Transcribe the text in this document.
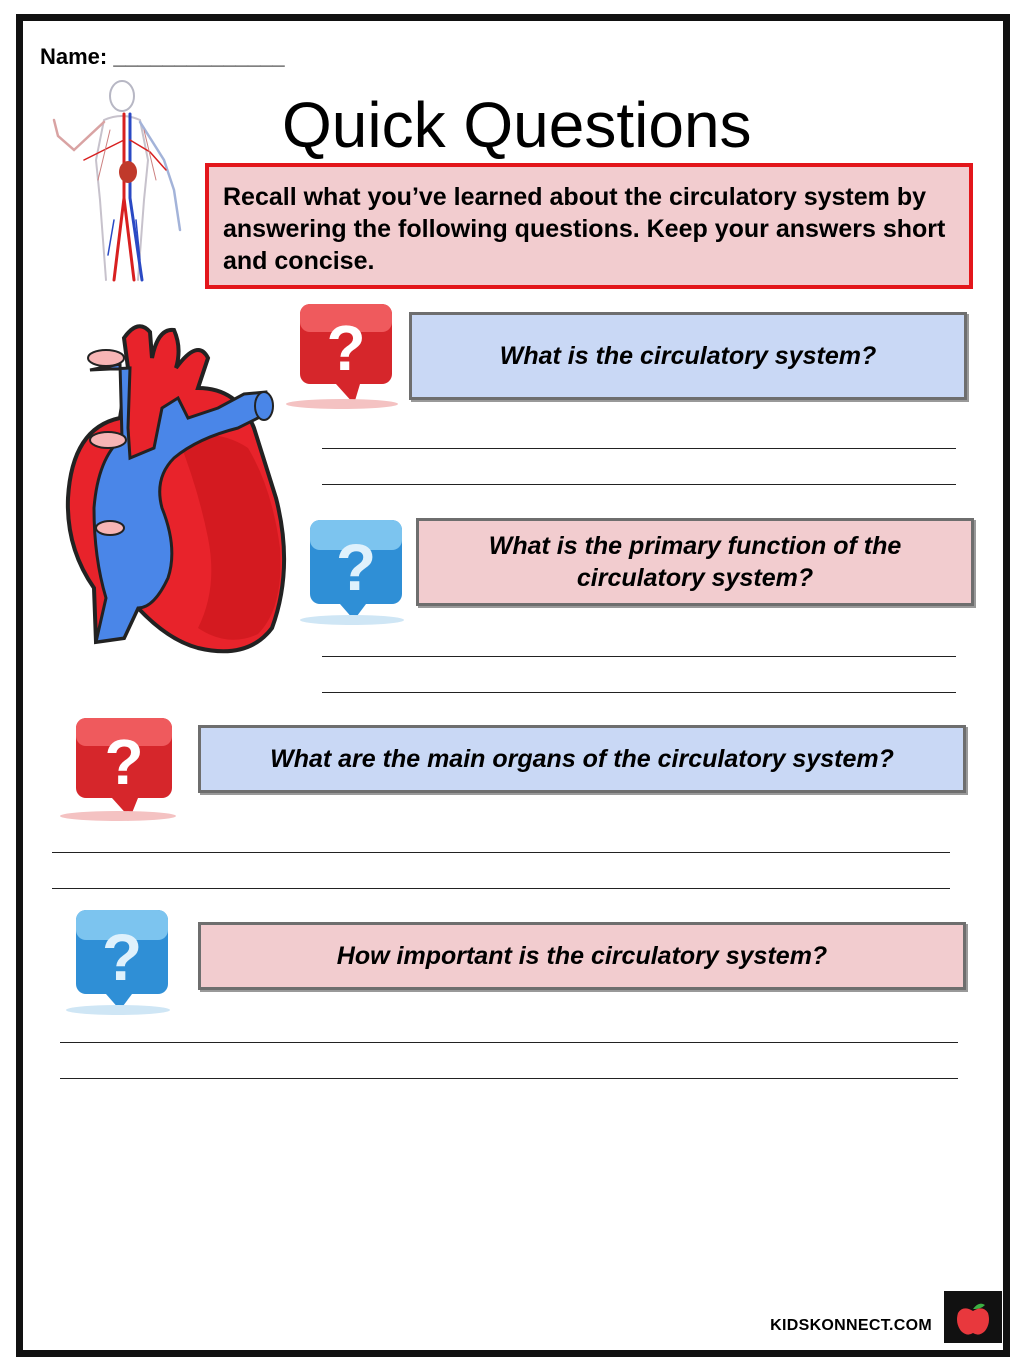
Name: ______________
Quick Questions
Recall what you’ve learned about the circulatory system by answering the following questions. Keep your answers short and concise.
?	What is the circulatory system?
?	What is the primary function of the circulatory system?
?	What are the main organs of the circulatory system?
?	How important is the circulatory system?
KIDSKONNECT.COM
